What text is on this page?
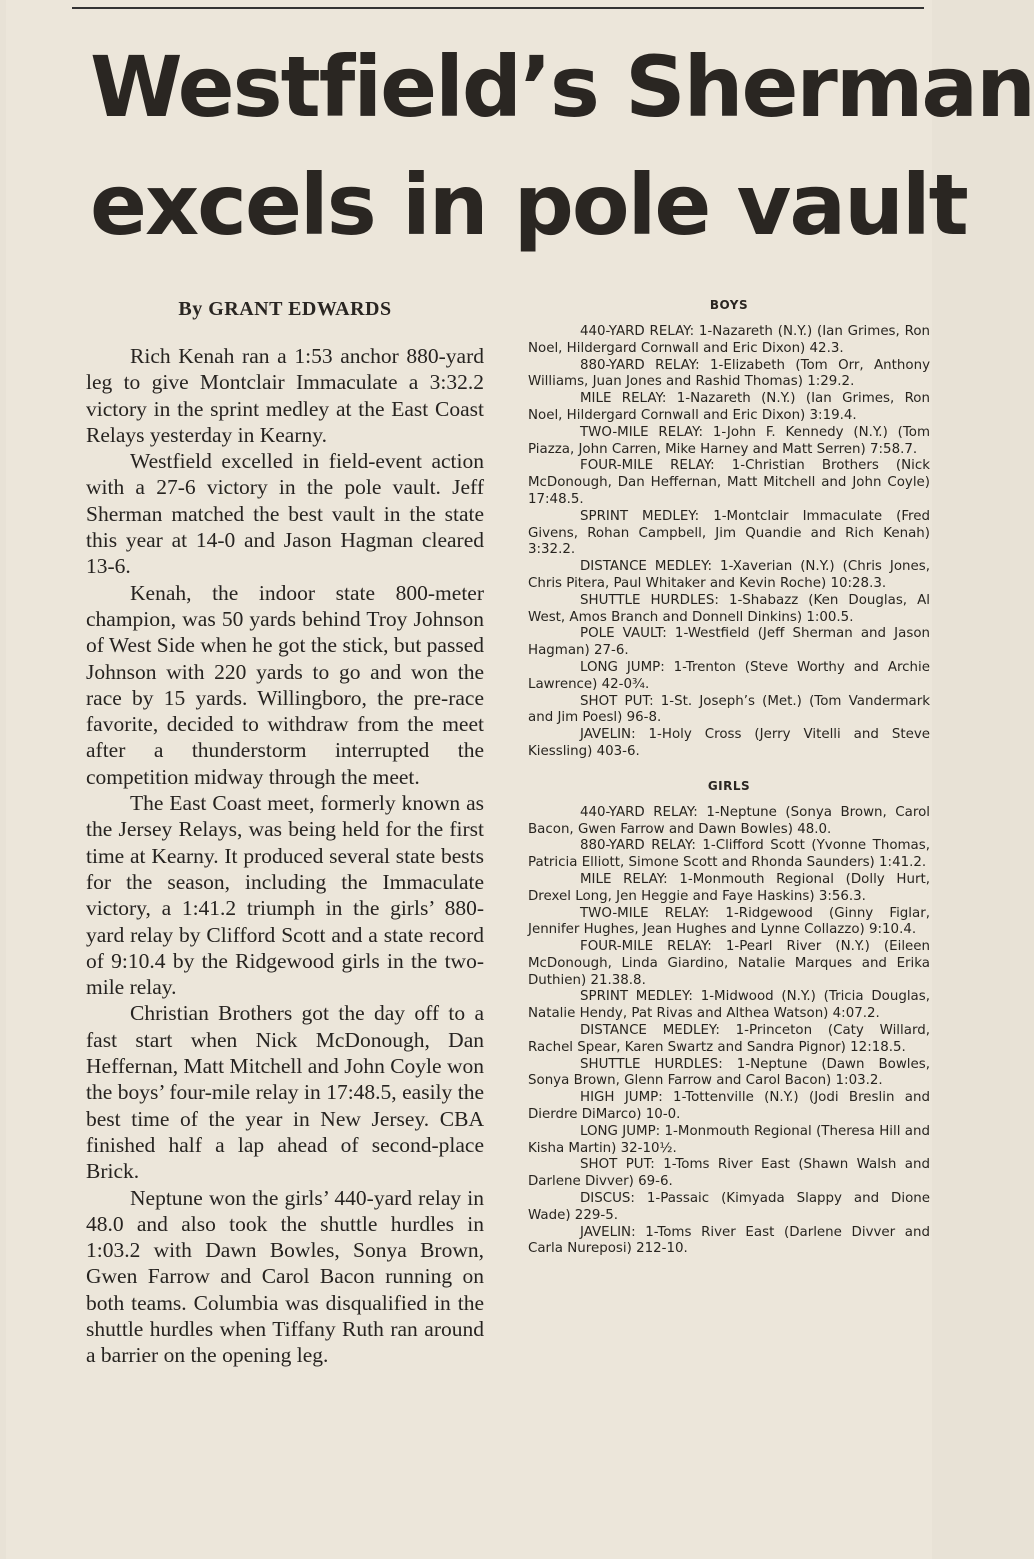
Westfield’s Sherman
excels in pole vault

By GRANT EDWARDS

Rich Kenah ran a 1:53 anchor 880-yard leg to give Montclair Immaculate a 3:32.2 victory in the sprint medley at the East Coast Relays yesterday in Kearny.

Westfield excelled in field-event action with a 27-6 victory in the pole vault. Jeff Sherman matched the best vault in the state this year at 14-0 and Jason Hagman cleared 13-6.

Kenah, the indoor state 800-meter champion, was 50 yards behind Troy Johnson of West Side when he got the stick, but passed Johnson with 220 yards to go and won the race by 15 yards. Willingboro, the pre-race favorite, decided to withdraw from the meet after a thunderstorm interrupted the competition midway through the meet.

The East Coast meet, formerly known as the Jersey Relays, was being held for the first time at Kearny. It produced several state bests for the season, including the Immaculate victory, a 1:41.2 triumph in the girls’ 880-yard relay by Clifford Scott and a state record of 9:10.4 by the Ridgewood girls in the two-mile relay.

Christian Brothers got the day off to a fast start when Nick McDonough, Dan Heffernan, Matt Mitchell and John Coyle won the boys’ four-mile relay in 17:48.5, easily the best time of the year in New Jersey. CBA finished half a lap ahead of second-place Brick.

Neptune won the girls’ 440-yard relay in 48.0 and also took the shuttle hurdles in 1:03.2 with Dawn Bowles, Sonya Brown, Gwen Farrow and Carol Bacon running on both teams. Columbia was disqualified in the shuttle hurdles when Tiffany Ruth ran around a barrier on the opening leg.

BOYS

440-YARD RELAY: 1-Nazareth (N.Y.) (Ian Grimes, Ron Noel, Hildergard Cornwall and Eric Dixon) 42.3.

880-YARD RELAY: 1-Elizabeth (Tom Orr, Anthony Williams, Juan Jones and Rashid Thomas) 1:29.2.

MILE RELAY: 1-Nazareth (N.Y.) (Ian Grimes, Ron Noel, Hildergard Cornwall and Eric Dixon) 3:19.4.

TWO-MILE RELAY: 1-John F. Kennedy (N.Y.) (Tom Piazza, John Carren, Mike Harney and Matt Serren) 7:58.7.

FOUR-MILE RELAY: 1-Christian Brothers (Nick McDonough, Dan Heffernan, Matt Mitchell and John Coyle) 17:48.5.

SPRINT MEDLEY: 1-Montclair Immaculate (Fred Givens, Rohan Campbell, Jim Quandie and Rich Kenah) 3:32.2.

DISTANCE MEDLEY: 1-Xaverian (N.Y.) (Chris Jones, Chris Pitera, Paul Whitaker and Kevin Roche) 10:28.3.

SHUTTLE HURDLES: 1-Shabazz (Ken Douglas, Al West, Amos Branch and Donnell Dinkins) 1:00.5.

POLE VAULT: 1-Westfield (Jeff Sherman and Jason Hagman) 27-6.

LONG JUMP: 1-Trenton (Steve Worthy and Archie Lawrence) 42-0¾.

SHOT PUT: 1-St. Joseph’s (Met.) (Tom Vandermark and Jim Poesl) 96-8.

JAVELIN: 1-Holy Cross (Jerry Vitelli and Steve Kiessling) 403-6.

GIRLS

440-YARD RELAY: 1-Neptune (Sonya Brown, Carol Bacon, Gwen Farrow and Dawn Bowles) 48.0.

880-YARD RELAY: 1-Clifford Scott (Yvonne Thomas, Patricia Elliott, Simone Scott and Rhonda Saunders) 1:41.2.

MILE RELAY: 1-Monmouth Regional (Dolly Hurt, Drexel Long, Jen Heggie and Faye Haskins) 3:56.3.

TWO-MILE RELAY: 1-Ridgewood (Ginny Figlar, Jennifer Hughes, Jean Hughes and Lynne Collazzo) 9:10.4.

FOUR-MILE RELAY: 1-Pearl River (N.Y.) (Eileen McDonough, Linda Giardino, Natalie Marques and Erika Duthien) 21.38.8.

SPRINT MEDLEY: 1-Midwood (N.Y.) (Tricia Douglas, Natalie Hendy, Pat Rivas and Althea Watson) 4:07.2.

DISTANCE MEDLEY: 1-Princeton (Caty Willard, Rachel Spear, Karen Swartz and Sandra Pignor) 12:18.5.

SHUTTLE HURDLES: 1-Neptune (Dawn Bowles, Sonya Brown, Glenn Farrow and Carol Bacon) 1:03.2.

HIGH JUMP: 1-Tottenville (N.Y.) (Jodi Breslin and Dierdre DiMarco) 10-0.

LONG JUMP: 1-Monmouth Regional (Theresa Hill and Kisha Martin) 32-10½.

SHOT PUT: 1-Toms River East (Shawn Walsh and Darlene Divver) 69-6.

DISCUS: 1-Passaic (Kimyada Slappy and Dione Wade) 229-5.

JAVELIN: 1-Toms River East (Darlene Divver and Carla Nureposi) 212-10.
